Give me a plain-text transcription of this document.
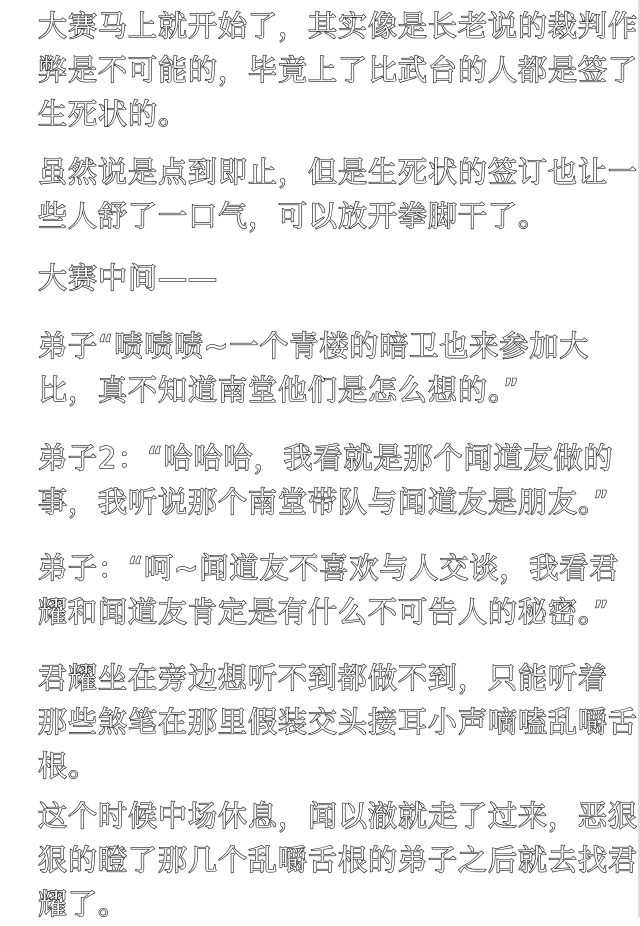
大赛马上就开始了，其实像是长老说的裁判作
弊是不可能的，毕竟上了比武台的人都是签了
生死状的。

虽然说是点到即止，但是生死状的签订也让一
些人舒了一口气，可以放开拳脚干了。

大赛中间——

弟子“啧啧啧~一个青楼的暗卫也来参加大
比，真不知道南堂他们是怎么想的。”

弟子2：“哈哈哈，我看就是那个闻道友做的
事，我听说那个南堂带队与闻道友是朋友。”

弟子：“呵~闻道友不喜欢与人交谈，我看君
耀和闻道友肯定是有什么不可告人的秘密。”

君耀坐在旁边想听不到都做不到，只能听着
那些煞笔在那里假装交头接耳小声嘀嗑乱嚼舌
根。

这个时候中场休息，闻以澈就走了过来，恶狠
狠的瞪了那几个乱嚼舌根的弟子之后就去找君
耀了。
